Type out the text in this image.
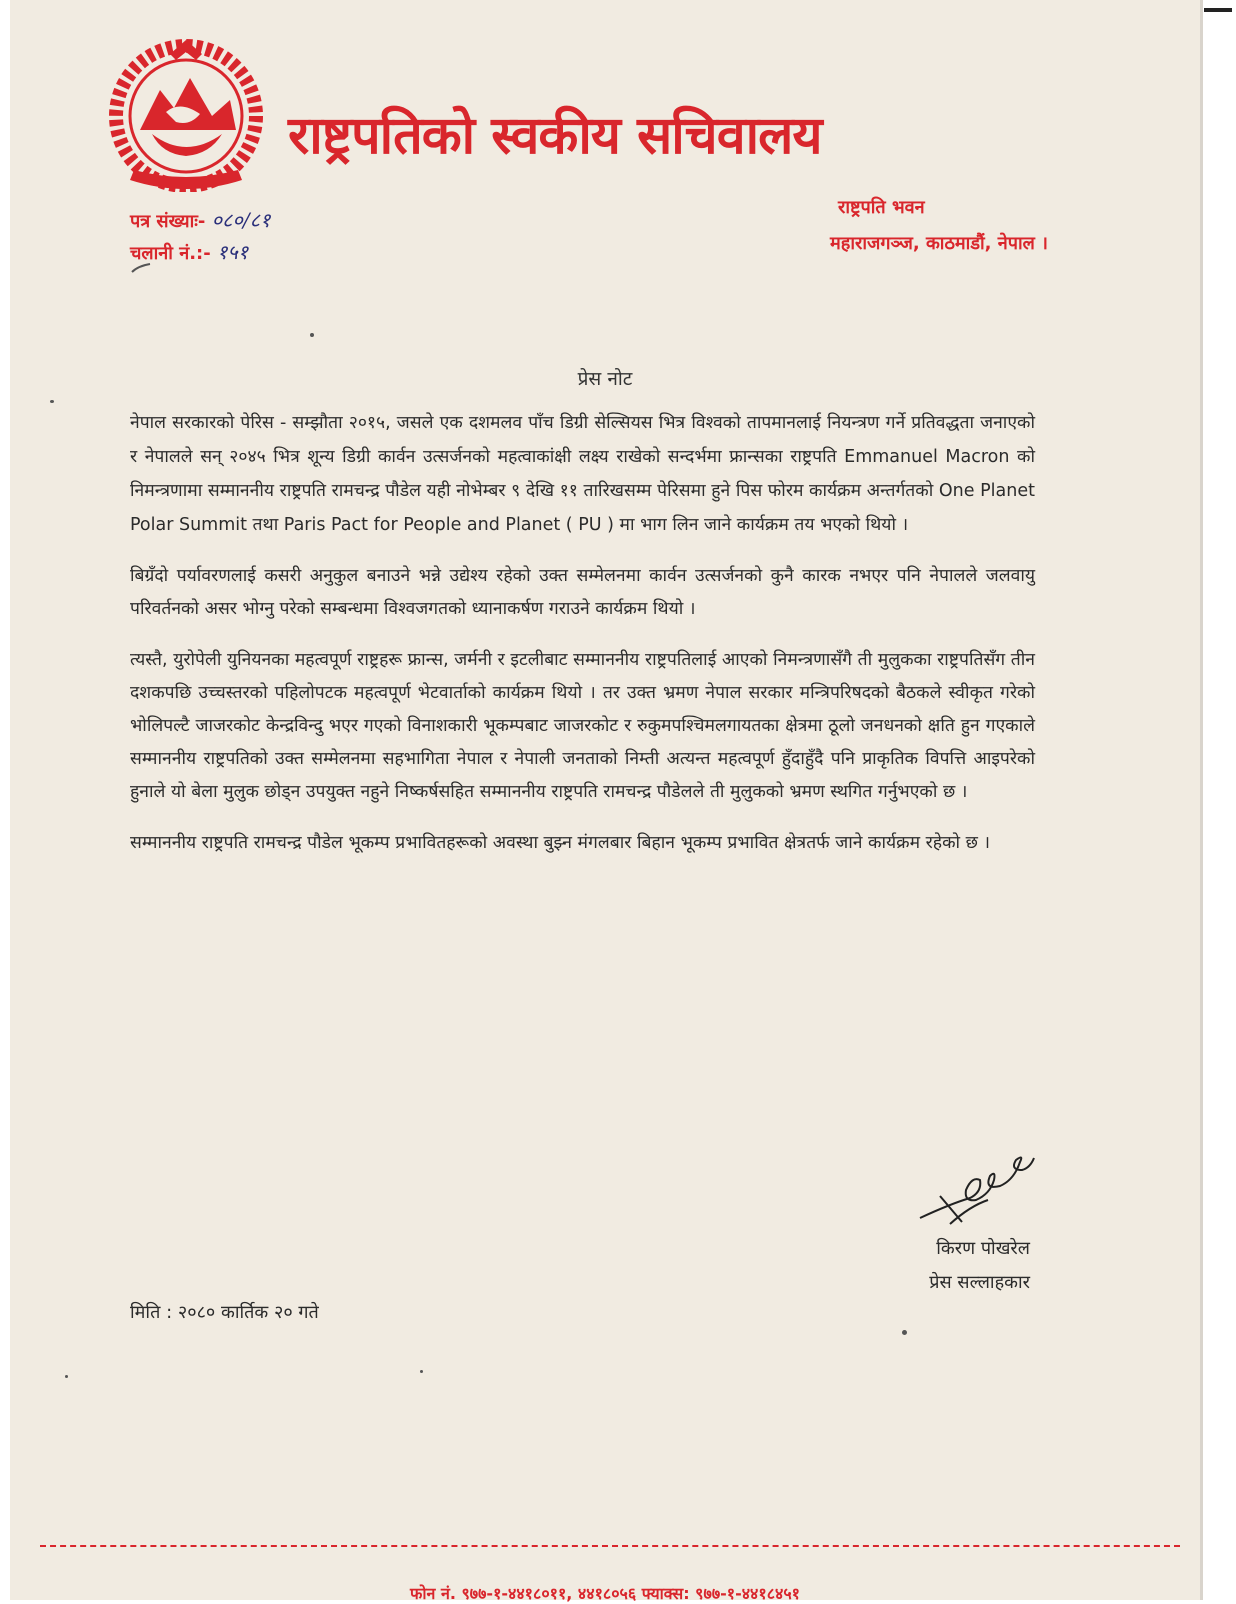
राष्ट्रपतिको स्वकीय सचिवालय
पत्र संख्याः- ०८०/८१
चलानी नं.:- १५१
राष्ट्रपति भवन
महाराजगञ्ज, काठमाडौं, नेपाल ।
प्रेस नोट

नेपाल सरकारको पेरिस - सम्झौता २०१५, जसले एक दशमलव पाँच डिग्री सेल्सियस भित्र विश्वको तापमानलाई नियन्त्रण गर्ने प्रतिवद्धता जनाएको र नेपालले सन् २०४५ भित्र शून्य डिग्री कार्वन उत्सर्जनको महत्वाकांक्षी लक्ष्य राखेको सन्दर्भमा फ्रान्सका राष्ट्रपति Emmanuel Macron को निमन्त्रणामा सम्माननीय राष्ट्रपति रामचन्द्र पौडेल यही नोभेम्बर ९ देखि ११ तारिखसम्म पेरिसमा हुने पिस फोरम कार्यक्रम अन्तर्गतको One Planet Polar Summit तथा Paris Pact for People and Planet ( PU ) मा भाग लिन जाने कार्यक्रम तय भएको थियो ।

बिग्रँदो पर्यावरणलाई कसरी अनुकुल बनाउने भन्ने उद्येश्य रहेको उक्त सम्मेलनमा कार्वन उत्सर्जनको कुनै कारक नभएर पनि नेपालले जलवायु परिवर्तनको असर भोग्नु परेको सम्बन्धमा विश्वजगतको ध्यानाकर्षण गराउने कार्यक्रम थियो ।

त्यस्तै, युरोपेली युनियनका महत्वपूर्ण राष्ट्रहरू फ्रान्स, जर्मनी र इटलीबाट सम्माननीय राष्ट्रपतिलाई आएको निमन्त्रणासँगै ती मुलुकका राष्ट्रपतिसँग तीन दशकपछि उच्चस्तरको पहिलोपटक महत्वपूर्ण भेटवार्ताको कार्यक्रम थियो । तर उक्त भ्रमण नेपाल सरकार मन्त्रिपरिषदको बैठकले स्वीकृत गरेको भोलिपल्टै जाजरकोट केन्द्रविन्दु भएर गएको विनाशकारी भूकम्पबाट जाजरकोट र रुकुमपश्चिमलगायतका क्षेत्रमा ठूलो जनधनको क्षति हुन गएकाले सम्माननीय राष्ट्रपतिको उक्त सम्मेलनमा सहभागिता नेपाल र नेपाली जनताको निम्ती अत्यन्त महत्वपूर्ण हुँदाहुँदै पनि प्राकृतिक विपत्ति आइपरेको हुनाले यो बेला मुलुक छोड्न उपयुक्त नहुने निष्कर्षसहित सम्माननीय राष्ट्रपति रामचन्द्र पौडेलले ती मुलुकको भ्रमण स्थगित गर्नुभएको छ ।

सम्माननीय राष्ट्रपति रामचन्द्र पौडेल भूकम्प प्रभावितहरूको अवस्था बुझ्न मंगलबार बिहान भूकम्प प्रभावित क्षेत्रतर्फ जाने कार्यक्रम रहेको छ ।

किरण पोखरेल
प्रेस सल्लाहकार
मिति : २०८० कार्तिक २० गते
फोन नं. ९७७-१-४४१८०११, ४४१८०५६ फ्याक्स: ९७७-१-४४१८४५१
